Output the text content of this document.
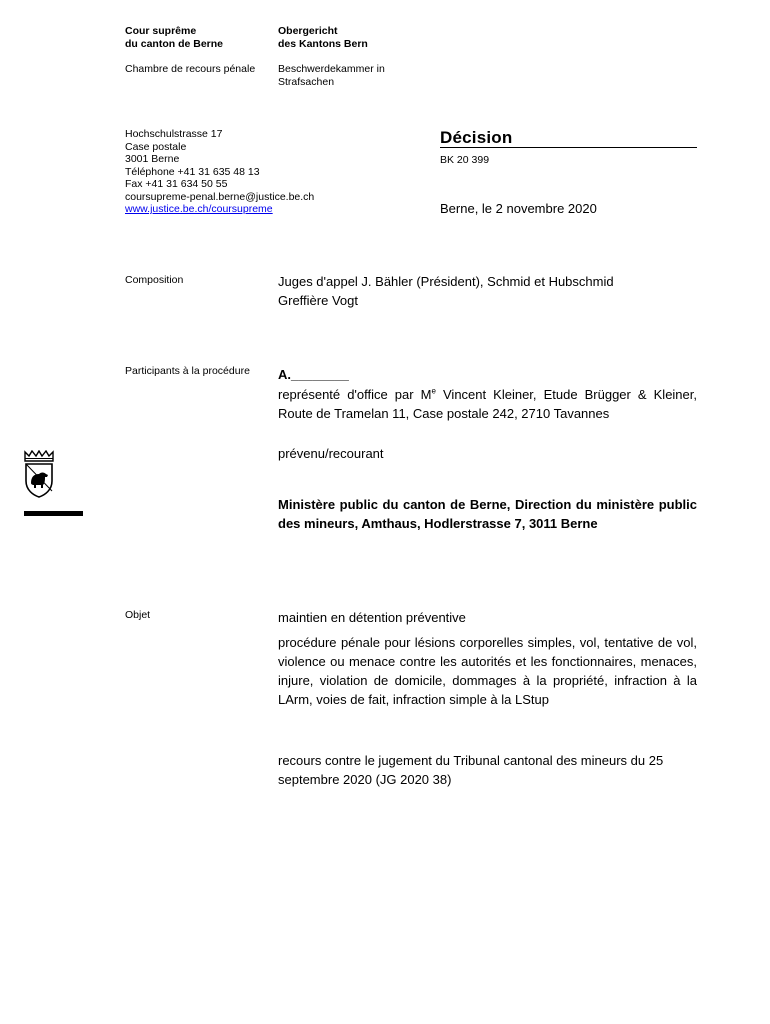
Cour suprême
du canton de Berne
Obergericht
des Kantons Bern
Chambre de recours pénale Beschwerdekammer in
Strafsachen
Hochschulstrasse 17
Case postale
3001 Berne
Téléphone +41 31 635 48 13
Fax +41 31 634 50 55
coursupreme-penal.berne@justice.be.ch
www.justice.be.ch/coursupreme
Décision
BK 20 399
Berne, le 2 novembre 2020
Composition	Juges d'appel J. Bähler (Président), Schmid et Hubschmid
Greffière Vogt
Participants à la procédure A.________
représenté d'office par Me Vincent Kleiner, Etude Brügger & Kleiner, Route de Tramelan 11, Case postale 242, 2710 Tavannes
prévenu/recourant
Ministère public du canton de Berne, Direction du ministère public des mineurs, Amthaus, Hodlerstrasse 7, 3011 Berne
Objet	maintien en détention préventive
procédure pénale pour lésions corporelles simples, vol, tentative de vol, violence ou menace contre les autorités et les fonctionnaires, menaces, injure, violation de domicile, dommages à la propriété, infraction à la LArm, voies de fait, infraction simple à la LStup
recours contre le jugement du Tribunal cantonal des mineurs du 25 septembre 2020 (JG 2020 38)
